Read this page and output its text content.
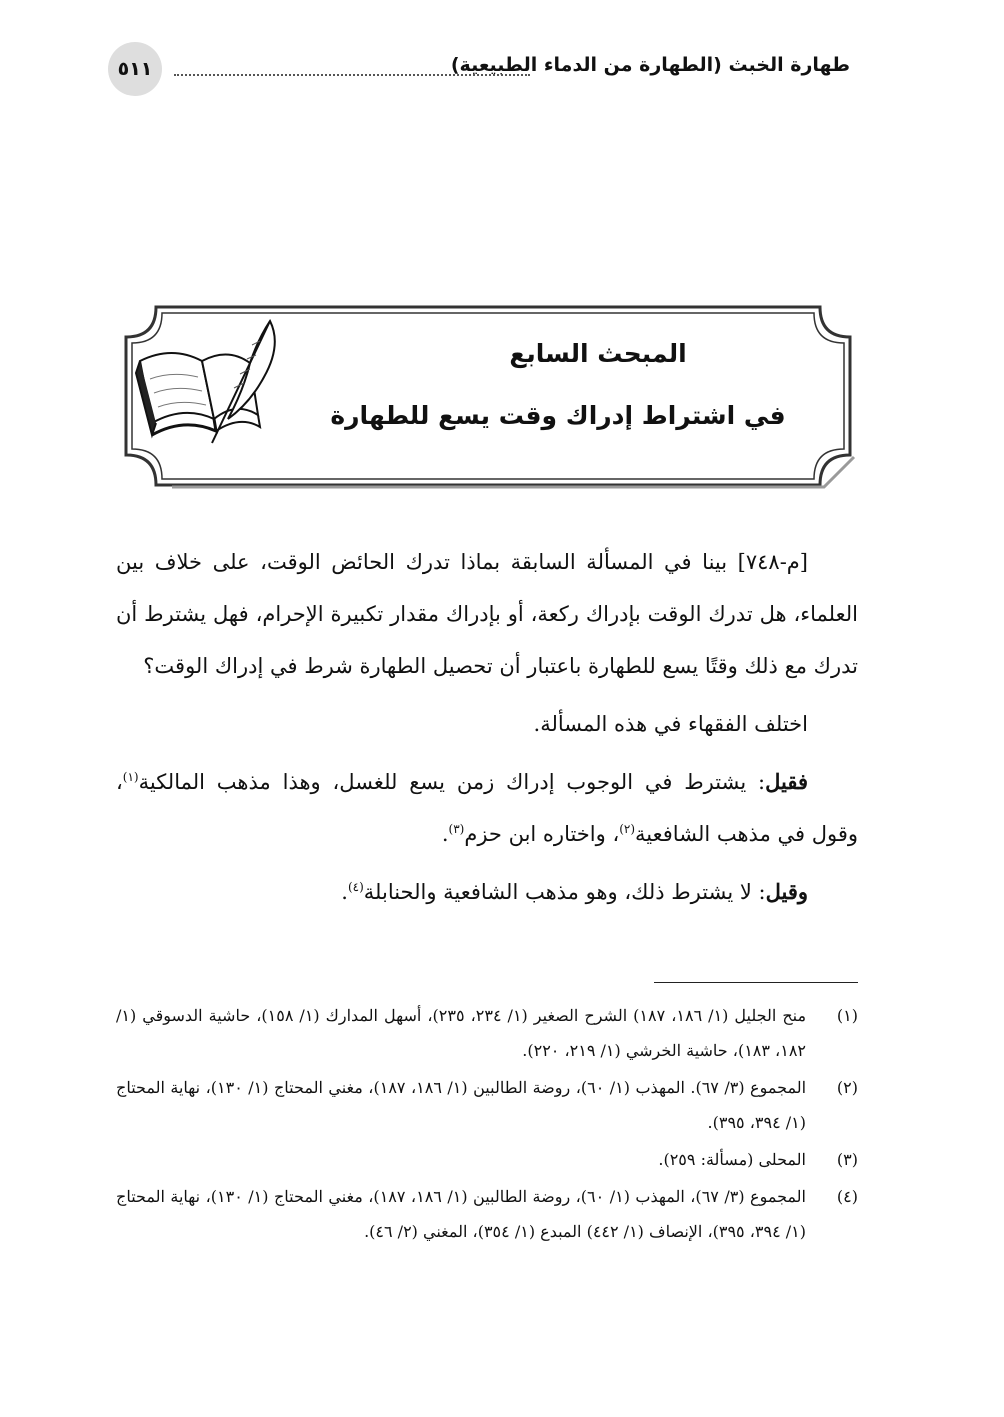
طهارة الخبث (الطهارة من الدماء الطبيعية)
٥١١
المبحث السابع
في اشتراط إدراك وقت يسع للطهارة

[م-٧٤٨] بينا في المسألة السابقة بماذا تدرك الحائض الوقت، على خلاف بين العلماء، هل تدرك الوقت بإدراك ركعة، أو بإدراك مقدار تكبيرة الإحرام، فهل يشترط أن تدرك مع ذلك وقتًا يسع للطهارة باعتبار أن تحصيل الطهارة شرط في إدراك الوقت؟

اختلف الفقهاء في هذه المسألة.

فقيل: يشترط في الوجوب إدراك زمن يسع للغسل، وهذا مذهب المالكية$^{(١)}$، وقول في مذهب الشافعية$^{(٢)}$، واختاره ابن حزم$^{(٣)}$.

وقيل: لا يشترط ذلك، وهو مذهب الشافعية والحنابلة$^{(٤)}$.

(١)
منح الجليل (١/ ١٨٦، ١٨٧) الشرح الصغير (١/ ٢٣٤، ٢٣٥)، أسهل المدارك (١/ ١٥٨)، حاشية الدسوقي (١/ ١٨٢، ١٨٣)، حاشية الخرشي (١/ ٢١٩، ٢٢٠).
(٢)
المجموع (٣/ ٦٧). المهذب (١/ ٦٠)، روضة الطالبين (١/ ١٨٦، ١٨٧)، مغني المحتاج (١/ ١٣٠)، نهاية المحتاج (١/ ٣٩٤، ٣٩٥).
(٣)
المحلى (مسألة: ٢٥٩).
(٤)
المجموع (٣/ ٦٧)، المهذب (١/ ٦٠)، روضة الطالبين (١/ ١٨٦، ١٨٧)، مغني المحتاج (١/ ١٣٠)، نهاية المحتاج (١/ ٣٩٤، ٣٩٥)، الإنصاف (١/ ٤٤٢) المبدع (١/ ٣٥٤)، المغني (٢/ ٤٦).
